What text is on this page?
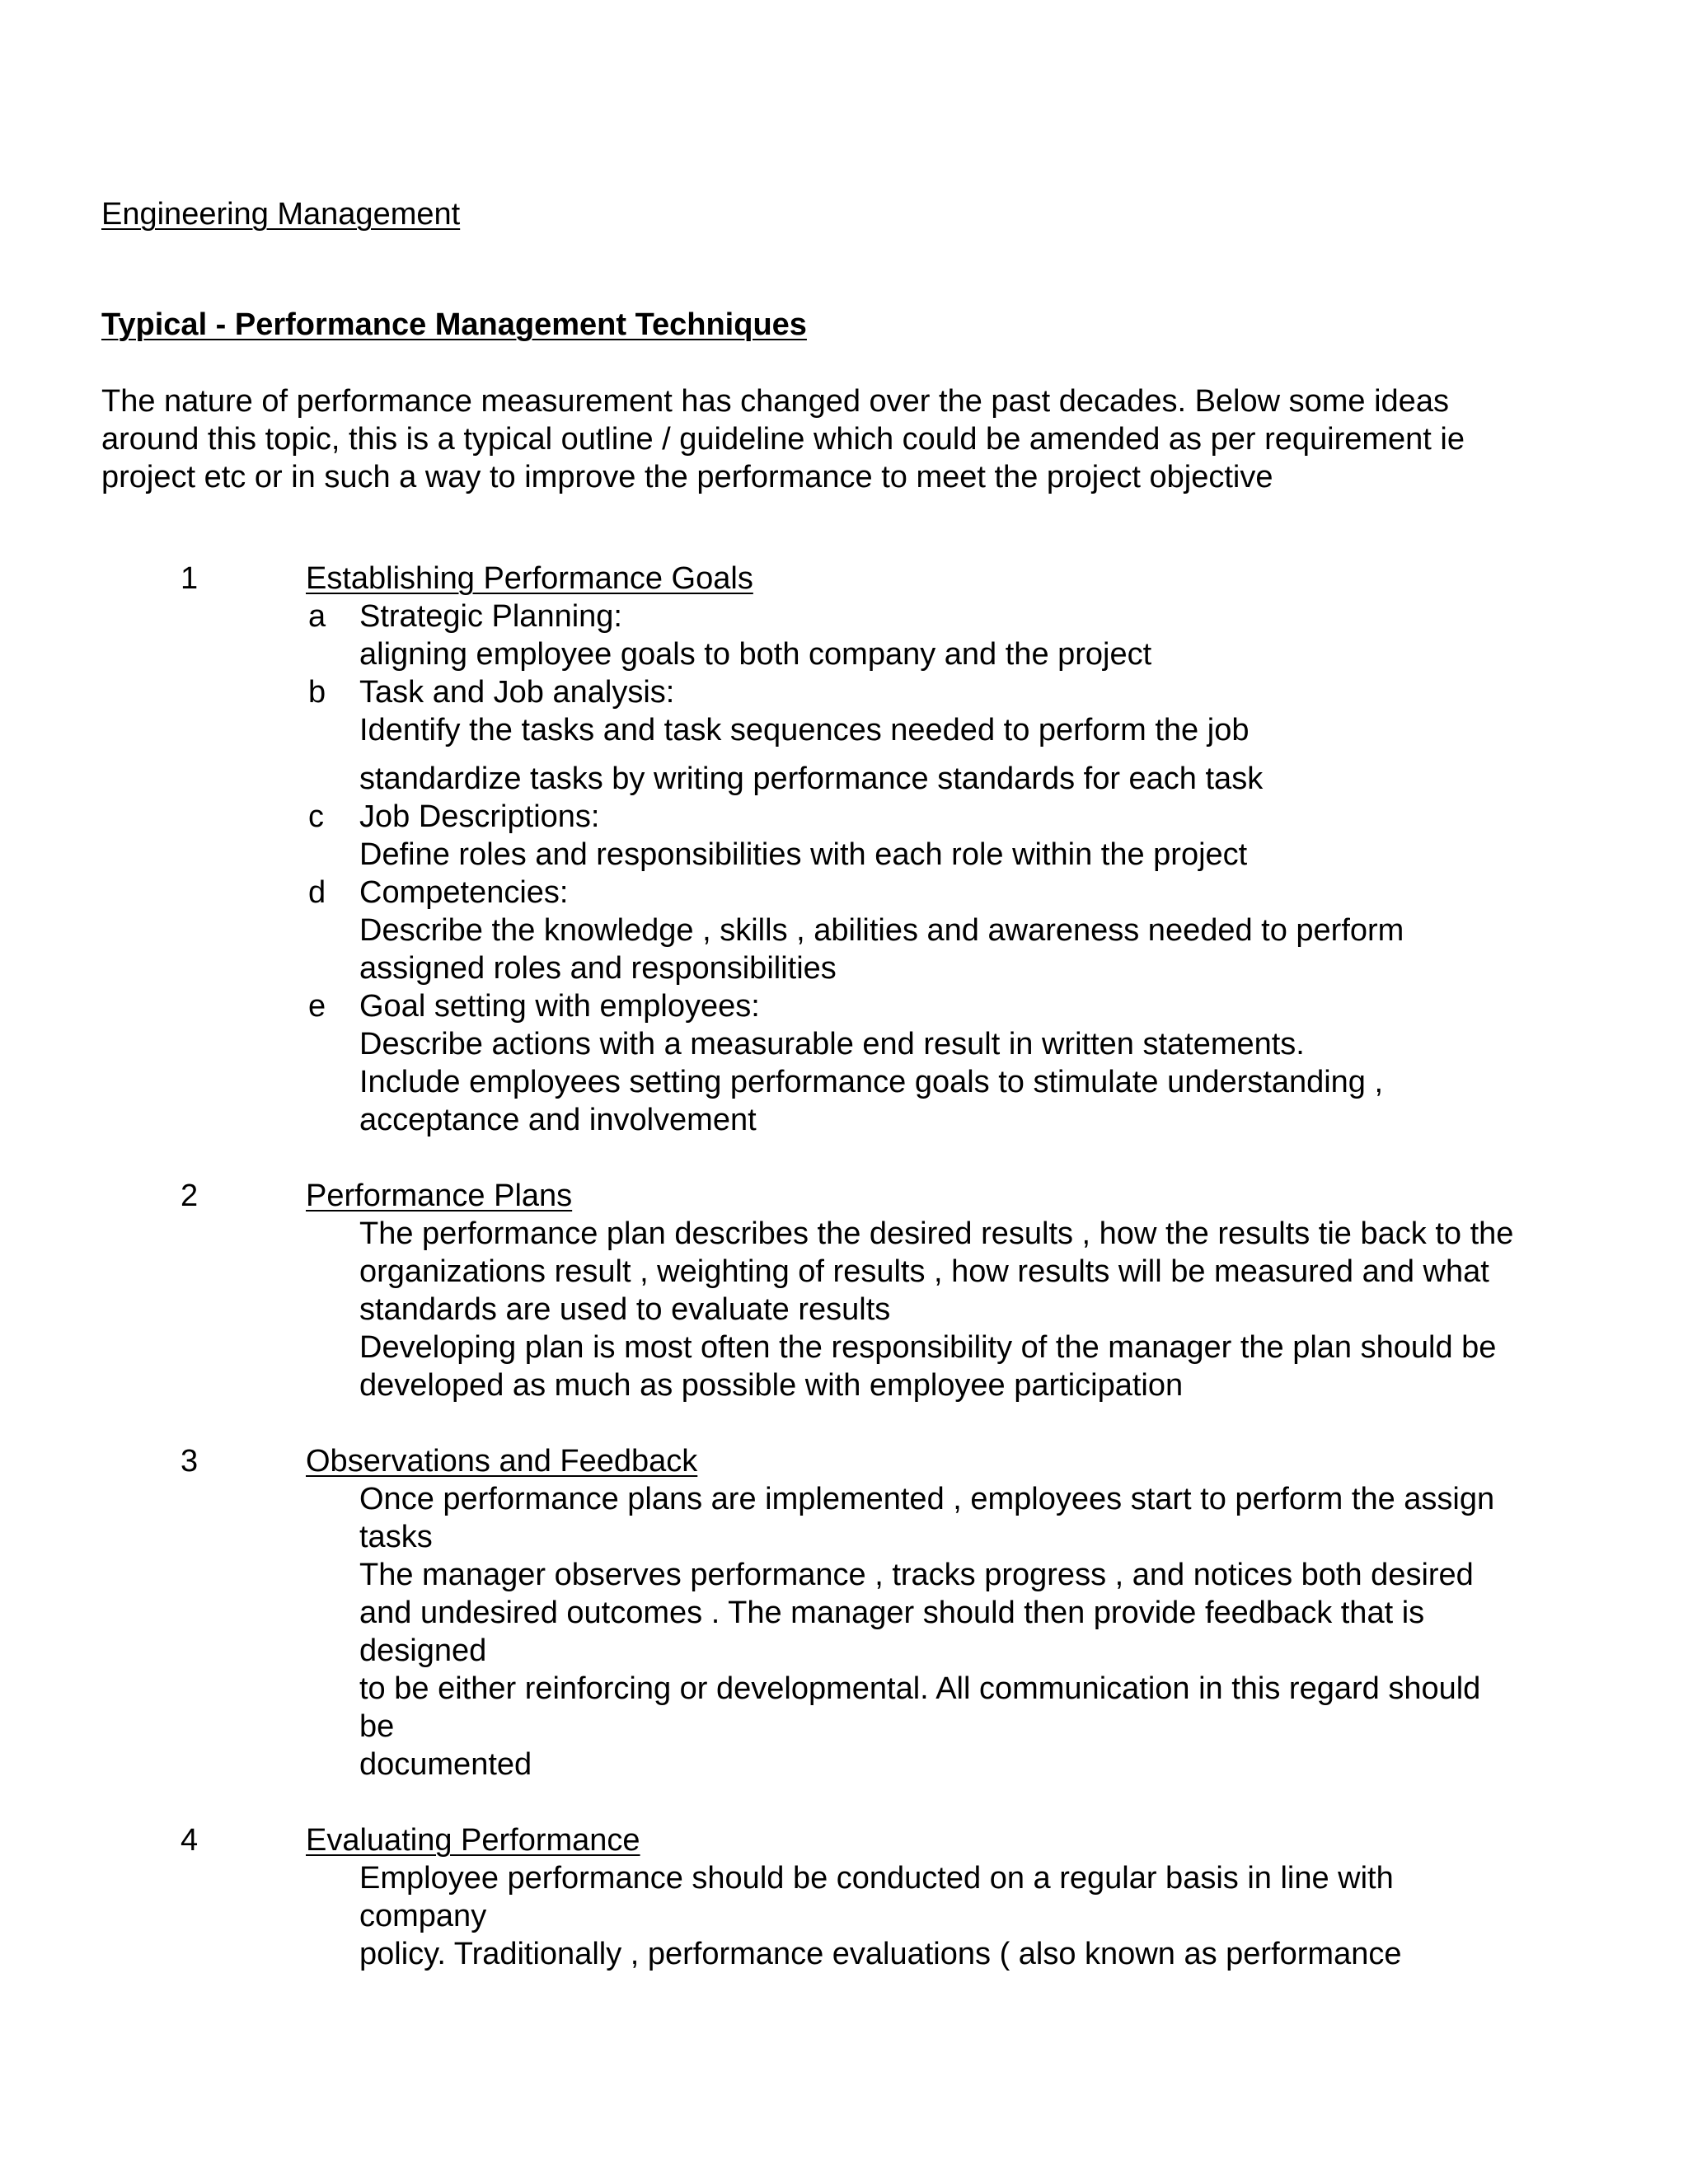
Engineering Management
Typical - Performance Management Techniques
The nature of performance measurement has changed over the past decades. Below some ideas
around this topic, this is a typical outline / guideline which could be amended as per requirement ie
project etc or in such a way to improve the performance to meet the project objective
1	Establishing Performance Goals
a Strategic Planning:
aligning employee goals to both company and the project
b Task and Job analysis:
Identify the tasks and task sequences needed to perform the job
standardize tasks by writing performance standards for each task
c Job Descriptions:
Define roles and responsibilities with each role within the project
d Competencies:
Describe the knowledge , skills , abilities and awareness needed to perform
assigned roles and responsibilities
e Goal setting with employees:
Describe actions with a measurable end result in written statements.
Include employees setting performance goals to stimulate understanding ,
acceptance and involvement
2	Performance Plans
The performance plan describes the desired results , how the results tie back to the
organizations result , weighting of results , how results will be measured and what
standards are used to evaluate results
Developing plan is most often the responsibility of the manager the plan should be
developed as much as possible with employee participation
3	Observations and Feedback
Once performance plans are implemented , employees start to perform the assign
tasks
The manager observes performance , tracks progress , and notices both desired
and undesired outcomes . The manager should then provide feedback that is
designed
to be either reinforcing or developmental. All communication in this regard should
be
documented
4	Evaluating Performance
Employee performance should be conducted on a regular basis in line with
company
policy. Traditionally , performance evaluations ( also known as performance
